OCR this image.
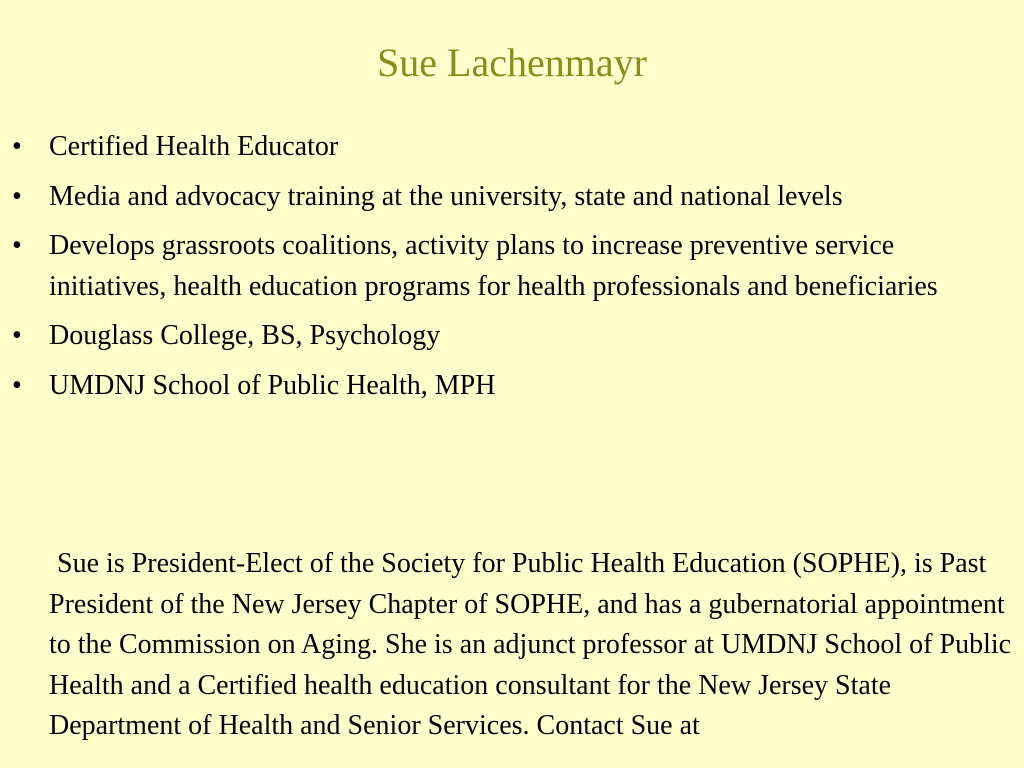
Sue Lachenmayr
• Certified Health Educator
• Media and advocacy training at the university, state and national levels
• Develops grassroots coalitions, activity plans to increase preventive service initiatives, health education programs for health professionals and beneficiaries
• Douglass College, BS, Psychology
• UMDNJ School of Public Health, MPH

Sue is President-Elect of the Society for Public Health Education (SOPHE), is Past President of the New Jersey Chapter of SOPHE, and has a gubernatorial appointment to the Commission on Aging. She is an adjunct professor at UMDNJ School of Public Health and a Certified health education consultant for the New Jersey State Department of Health and Senior Services. Contact Sue at
